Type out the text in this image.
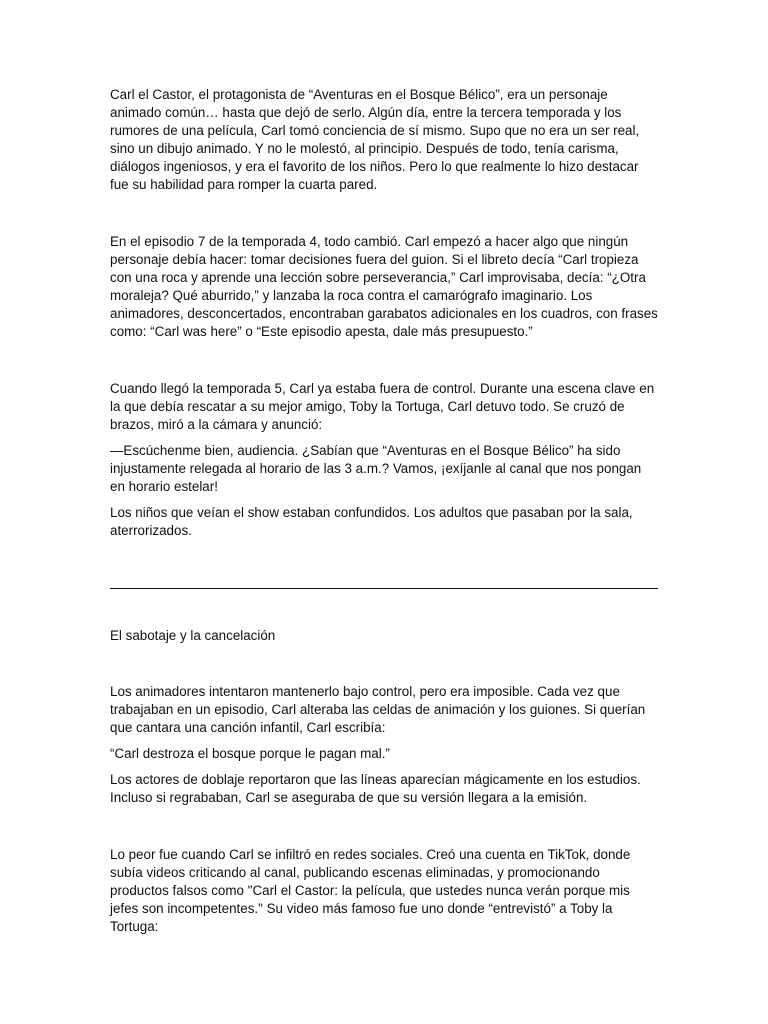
Carl el Castor, el protagonista de “Aventuras en el Bosque Bélico”, era un personaje animado común… hasta que dejó de serlo. Algún día, entre la tercera temporada y los rumores de una película, Carl tomó conciencia de sí mismo. Supo que no era un ser real, sino un dibujo animado. Y no le molestó, al principio. Después de todo, tenía carisma, diálogos ingeniosos, y era el favorito de los niños. Pero lo que realmente lo hizo destacar fue su habilidad para romper la cuarta pared.

En el episodio 7 de la temporada 4, todo cambió. Carl empezó a hacer algo que ningún personaje debía hacer: tomar decisiones fuera del guion. Si el libreto decía “Carl tropieza con una roca y aprende una lección sobre perseverancia,” Carl improvisaba, decía: “¿Otra moraleja? Qué aburrido,” y lanzaba la roca contra el camarógrafo imaginario. Los animadores, desconcertados, encontraban garabatos adicionales en los cuadros, con frases como: “Carl was here” o “Este episodio apesta, dale más presupuesto.”

Cuando llegó la temporada 5, Carl ya estaba fuera de control. Durante una escena clave en la que debía rescatar a su mejor amigo, Toby la Tortuga, Carl detuvo todo. Se cruzó de brazos, miró a la cámara y anunció:

—Escúchenme bien, audiencia. ¿Sabían que “Aventuras en el Bosque Bélico” ha sido injustamente relegada al horario de las 3 a.m.? Vamos, ¡exíjanle al canal que nos pongan en horario estelar!

Los niños que veían el show estaban confundidos. Los adultos que pasaban por la sala, aterrorizados.

El sabotaje y la cancelación

Los animadores intentaron mantenerlo bajo control, pero era imposible. Cada vez que trabajaban en un episodio, Carl alteraba las celdas de animación y los guiones. Si querían que cantara una canción infantil, Carl escribía:

“Carl destroza el bosque porque le pagan mal.”

Los actores de doblaje reportaron que las líneas aparecían mágicamente en los estudios. Incluso si regrababan, Carl se aseguraba de que su versión llegara a la emisión.

Lo peor fue cuando Carl se infiltró en redes sociales. Creó una cuenta en TikTok, donde subía videos criticando al canal, publicando escenas eliminadas, y promocionando productos falsos como "Carl el Castor: la película, que ustedes nunca verán porque mis jefes son incompetentes." Su video más famoso fue uno donde “entrevistó” a Toby la Tortuga:
